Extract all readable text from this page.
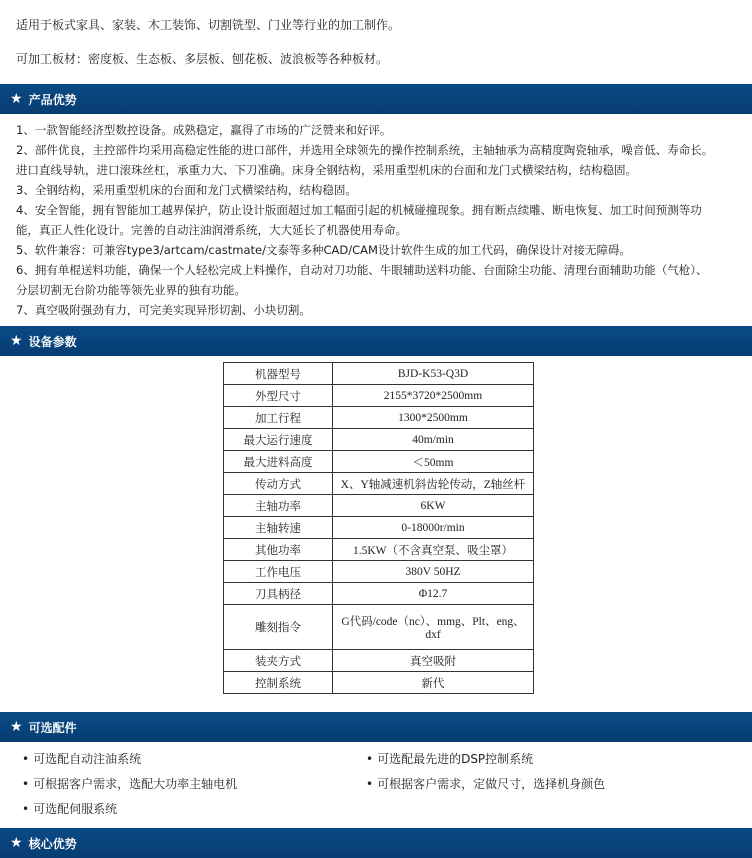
适用于板式家具、家装、木工装饰、切割铣型、门业等行业的加工制作。

可加工板材：密度板、生态板、多层板、刨花板、波浪板等各种板材。

★ 产品优势
1、一款智能经济型数控设备。成熟稳定，赢得了市场的广泛赞来和好评。
2、部件优良，主控部件均采用高稳定性能的进口部件，并选用全球领先的操作控制系统，主轴轴承为高精度陶瓷轴承，噪音低、寿命长。
进口直线导轨，进口滚珠丝杠，承重力大、下刀准确。床身全钢结构，采用重型机床的台面和龙门式横梁结构，结构稳固。
3、全钢结构，采用重型机床的台面和龙门式横梁结构，结构稳固。
4、安全智能，拥有智能加工越界保护，防止设计版面超过加工幅面引起的机械碰撞现象。拥有断点续雕、断电恢复、加工时间预测等功
能，真正人性化设计。完善的自动注油润滑系统，大大延长了机器使用寿命。
5、软件兼容：可兼容type3/artcam/castmate/文泰等多种CAD/CAM设计软件生成的加工代码，确保设计对接无障碍。
6、拥有单棍送料功能，确保一个人轻松完成上料操作，自动对刀功能、牛眼辅助送料功能、台面除尘功能、清理台面辅助功能（气枪）、
分层切割无台阶功能等领先业界的独有功能。
7、真空吸附强劲有力，可完美实现异形切割、小块切割。
★ 设备参数
机器型号	BJD-K53-Q3D
外型尺寸	2155*3720*2500mm
加工行程	1300*2500mm
最大运行速度	40m/min
最大进料高度	＜50mm
传动方式	X、Y轴减速机斜齿轮传动，Z轴丝杆
主轴功率	6KW
主轴转速	0-18000r/min
其他功率	1.5KW（不含真空泵、吸尘罩）
工作电压	380V 50HZ
刀具柄径	Φ12.7
雕刻指令	G代码/code（nc）、mmg、Plt、eng、dxf
装夹方式	真空吸附
控制系统	新代
★ 可选配件
• 可选配自动注油系统	• 可选配最先进的DSP控制系统
• 可根据客户需求，选配大功率主轴电机	• 可根据客户需求，定做尺寸，选择机身颜色
• 可选配伺服系统
★ 核心优势
